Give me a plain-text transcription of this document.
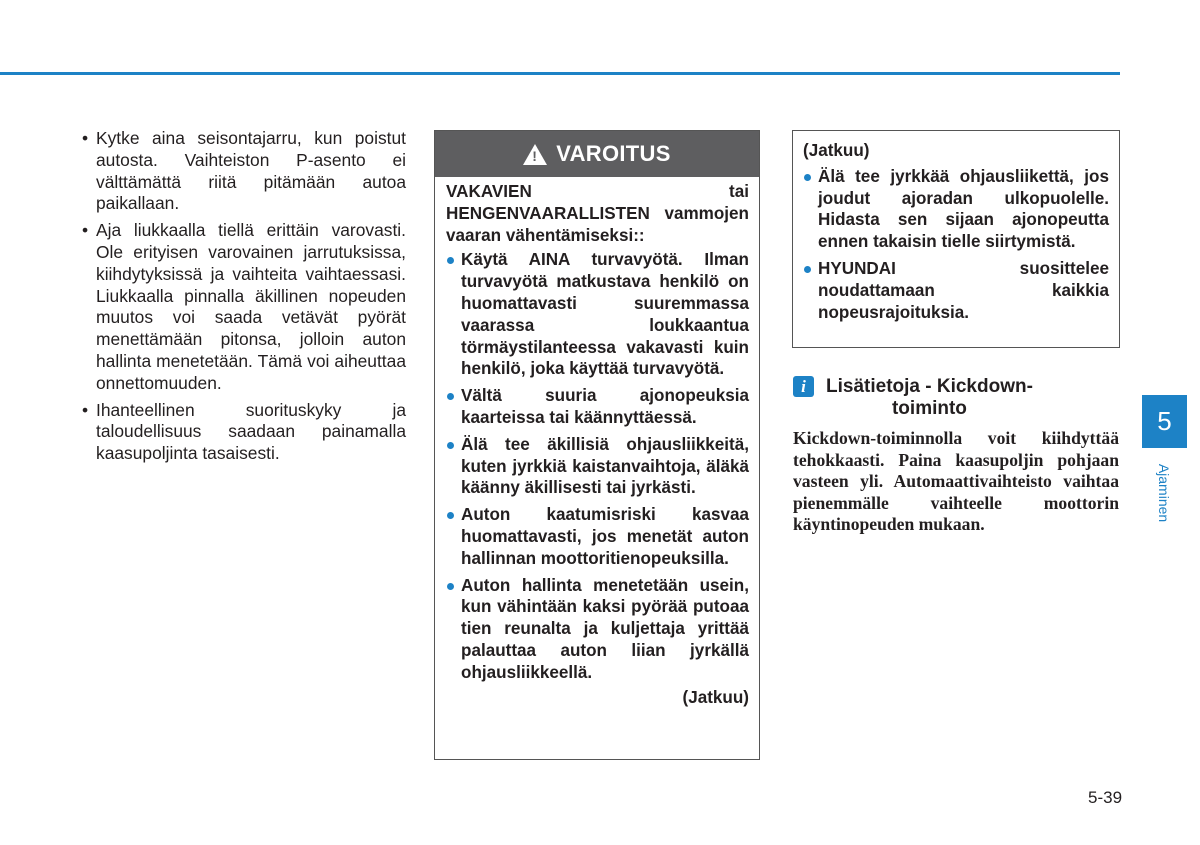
• Kytke aina seisontajarru, kun poistut autosta. Vaihteiston P-asento ei välttämättä riitä pitämään autoa paikallaan.
• Aja liukkaalla tiellä erittäin varovasti. Ole erityisen varovainen jarrutuksissa, kiihdytyksissä ja vaihteita vaihtaessasi. Liukkaalla pinnalla äkillinen nopeuden muutos voi saada vetävät pyörät menettämään pitonsa, jolloin auton hallinta menetetään. Tämä voi aiheuttaa onnettomuuden.
• Ihanteellinen suorituskyky ja taloudellisuus saadaan painamalla kaasupoljinta tasaisesti.
! VAROITUS
VAKAVIEN tai HENGENVAARALLISTEN vammojen vaaran vähentämiseksi::
Käytä AINA turvavyötä. Ilman turvavyötä matkustava henkilö on huomattavasti suuremmassa vaarassa loukkaantua törmäystilanteessa vakavasti kuin henkilö, joka käyttää turvavyötä.
Vältä suuria ajonopeuksia kaarteissa tai käännyttäessä.
Älä tee äkillisiä ohjausliikkeitä, kuten jyrkkiä kaistanvaihtoja, äläkä käänny äkillisesti tai jyrkästi.
Auton kaatumisriski kasvaa huomattavasti, jos menetät auton hallinnan moottoritienopeuksilla.
Auton hallinta menetetään usein, kun vähintään kaksi pyörää putoaa tien reunalta ja kuljettaja yrittää palauttaa auton liian jyrkällä ohjausliikkeellä.
(Jatkuu)
(Jatkuu)
Älä tee jyrkkää ohjausliikettä, jos joudut ajoradan ulkopuolelle. Hidasta sen sijaan ajonopeutta ennen takaisin tielle siirtymistä.
HYUNDAI suosittelee noudattamaan kaikkia nopeusrajoituksia.
i	Lisätietoja - Kickdown-
toiminto
Kickdown-toiminnolla voit kiihdyttää tehokkaasti. Paina kaasupoljin pohjaan vasteen yli. Automaattivaihteisto vaihtaa pienemmälle vaihteelle moottorin käyntinopeuden mukaan.
5
Ajaminen
5-39
